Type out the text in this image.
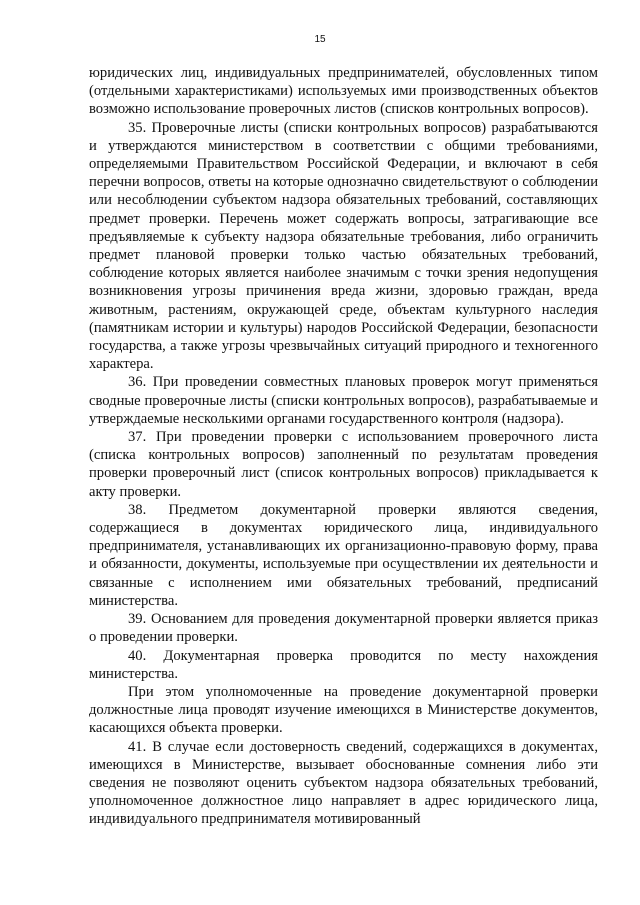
15

юридических лиц, индивидуальных предпринимателей, обусловленных типом (отдельными характеристиками) используемых ими производственных объектов возможно использование проверочных листов (списков контрольных вопросов).

35. Проверочные листы (списки контрольных вопросов) разрабатываются и утверждаются министерством в соответствии с общими требованиями, определяемыми Правительством Российской Федерации, и включают в себя перечни вопросов, ответы на которые однозначно свидетельствуют о соблюдении или несоблюдении субъектом надзора обязательных требований, составляющих предмет проверки. Перечень может содержать вопросы, затрагивающие все предъявляемые к субъекту надзора обязательные требования, либо ограничить предмет плановой проверки только частью обязательных требований, соблюдение которых является наиболее значимым с точки зрения недопущения возникновения угрозы причинения вреда жизни, здоровью граждан, вреда животным, растениям, окружающей среде, объектам культурного наследия (памятникам истории и культуры) народов Российской Федерации, безопасности государства, а также угрозы чрезвычайных ситуаций природного и техногенного характера.

36. При проведении совместных плановых проверок могут применяться сводные проверочные листы (списки контрольных вопросов), разрабатываемые и утверждаемые несколькими органами государственного контроля (надзора).

37. При проведении проверки с использованием проверочного листа (списка контрольных вопросов) заполненный по результатам проведения проверки проверочный лист (список контрольных вопросов) прикладывается к акту проверки.

38. Предметом документарной проверки являются сведения, содержащиеся в документах юридического лица, индивидуального предпринимателя, устанавливающих их организационно-правовую форму, права и обязанности, документы, используемые при осуществлении их деятельности и связанные с исполнением ими обязательных требований, предписаний министерства.

39. Основанием для проведения документарной проверки является приказ о проведении проверки.

40. Документарная проверка проводится по месту нахождения министерства.

При этом уполномоченные на проведение документарной проверки должностные лица проводят изучение имеющихся в Министерстве документов, касающихся объекта проверки.

41. В случае если достоверность сведений, содержащихся в документах, имеющихся в Министерстве, вызывает обоснованные сомнения либо эти сведения не позволяют оценить субъектом надзора обязательных требований, уполномоченное должностное лицо направляет в адрес юридического лица, индивидуального предпринимателя мотивированный
